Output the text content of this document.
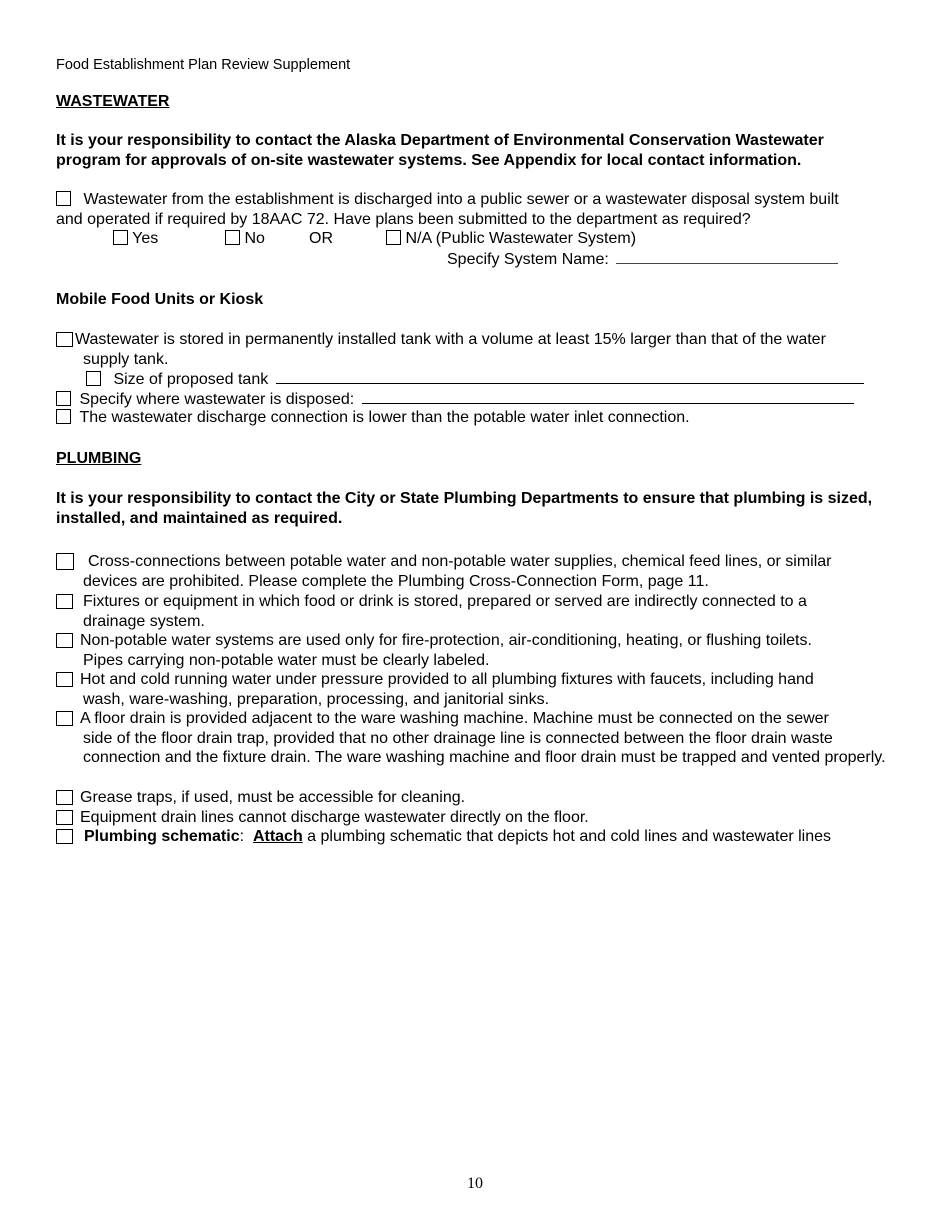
Food Establishment Plan Review Supplement
WASTEWATER
It is your responsibility to contact the Alaska Department of Environmental Conservation Wastewater program for approvals of on-site wastewater systems. See Appendix for local contact information.
Wastewater from the establishment is discharged into a public sewer or a wastewater disposal system built
and operated if required by 18AAC 72. Have plans been submitted to the department as required?
Yes	No	OR	N/A (Public Wastewater System)
Specify System Name:
Mobile Food Units or Kiosk
Wastewater is stored in permanently installed tank with a volume at least 15% larger than that of the water
supply tank.
Size of proposed tank
Specify where wastewater is disposed:
The wastewater discharge connection is lower than the potable water inlet connection.
PLUMBING
It is your responsibility to contact the City or State Plumbing Departments to ensure that plumbing is sized, installed, and maintained as required.
Cross-connections between potable water and non-potable water supplies, chemical feed lines, or similar
devices are prohibited. Please complete the Plumbing Cross-Connection Form, page 11.
Fixtures or equipment in which food or drink is stored, prepared or served are indirectly connected to a
drainage system.
Non-potable water systems are used only for fire-protection, air-conditioning, heating, or flushing toilets.
Pipes carrying non-potable water must be clearly labeled.
Hot and cold running water under pressure provided to all plumbing fixtures with faucets, including hand
wash, ware-washing, preparation, processing, and janitorial sinks.
A floor drain is provided adjacent to the ware washing machine. Machine must be connected on the sewer
side of the floor drain trap, provided that no other drainage line is connected between the floor drain waste connection and the fixture drain. The ware washing machine and floor drain must be trapped and vented properly.
Grease traps, if used, must be accessible for cleaning.
Equipment drain lines cannot discharge wastewater directly on the floor.
Plumbing schematic: Attach a plumbing schematic that depicts hot and cold lines and wastewater lines
10
